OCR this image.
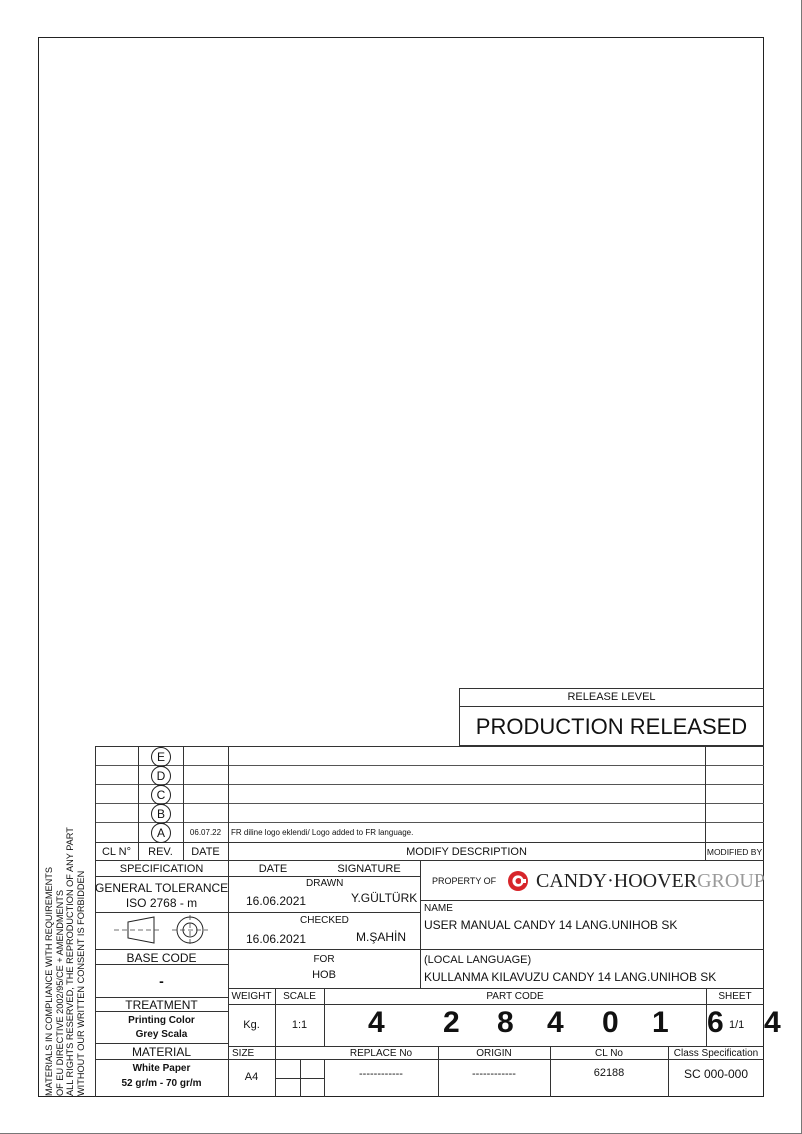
RELEASE LEVEL
PRODUCTION RELEASED
E
D
C
B
A	06.07.22	FR diline logo eklendi/ Logo added to FR language.
CL N°	REV.	DATE	MODIFY DESCRIPTION	MODIFIED BY
MATERIALS IN COMPLIANCE WITH REQUIREMENTS OF EU DIRECTIVE 2002/95/CE + AMENDMENTS ALL RIGHTS RESERVED, THE REPRODUCTION OF ANY PART WITHOUT OUR WRITTEN CONSENT IS FORBIDDEN
SPECIFICATION
GENERAL TOLERANCE
ISO 2768 - m
BASE CODE
-
TREATMENT
Printing Color
Grey Scala
MATERIAL
White Paper
52 gr/m - 70 gr/m
DATE	SIGNATURE
DRAWN
16.06.2021	Y.GÜLTÜRK
CHECKED
16.06.2021	M.ŞAHİN
FOR
HOB
PROPERTY OF CANDY·HOOVERGROUP
NAME
USER MANUAL CANDY 14 LANG.UNIHOB SK
(LOCAL LANGUAGE)
KULLANMA KILAVUZU CANDY 14 LANG.UNIHOB SK
WEIGHT	SCALE	PART CODE	SHEET
Kg.	1:1	4 2 8 4 0 1 6 1/1 4
SIZE	REPLACE No	ORIGIN	CL No	Class Specification
A4	------------	------------	62188	SC 000-000
